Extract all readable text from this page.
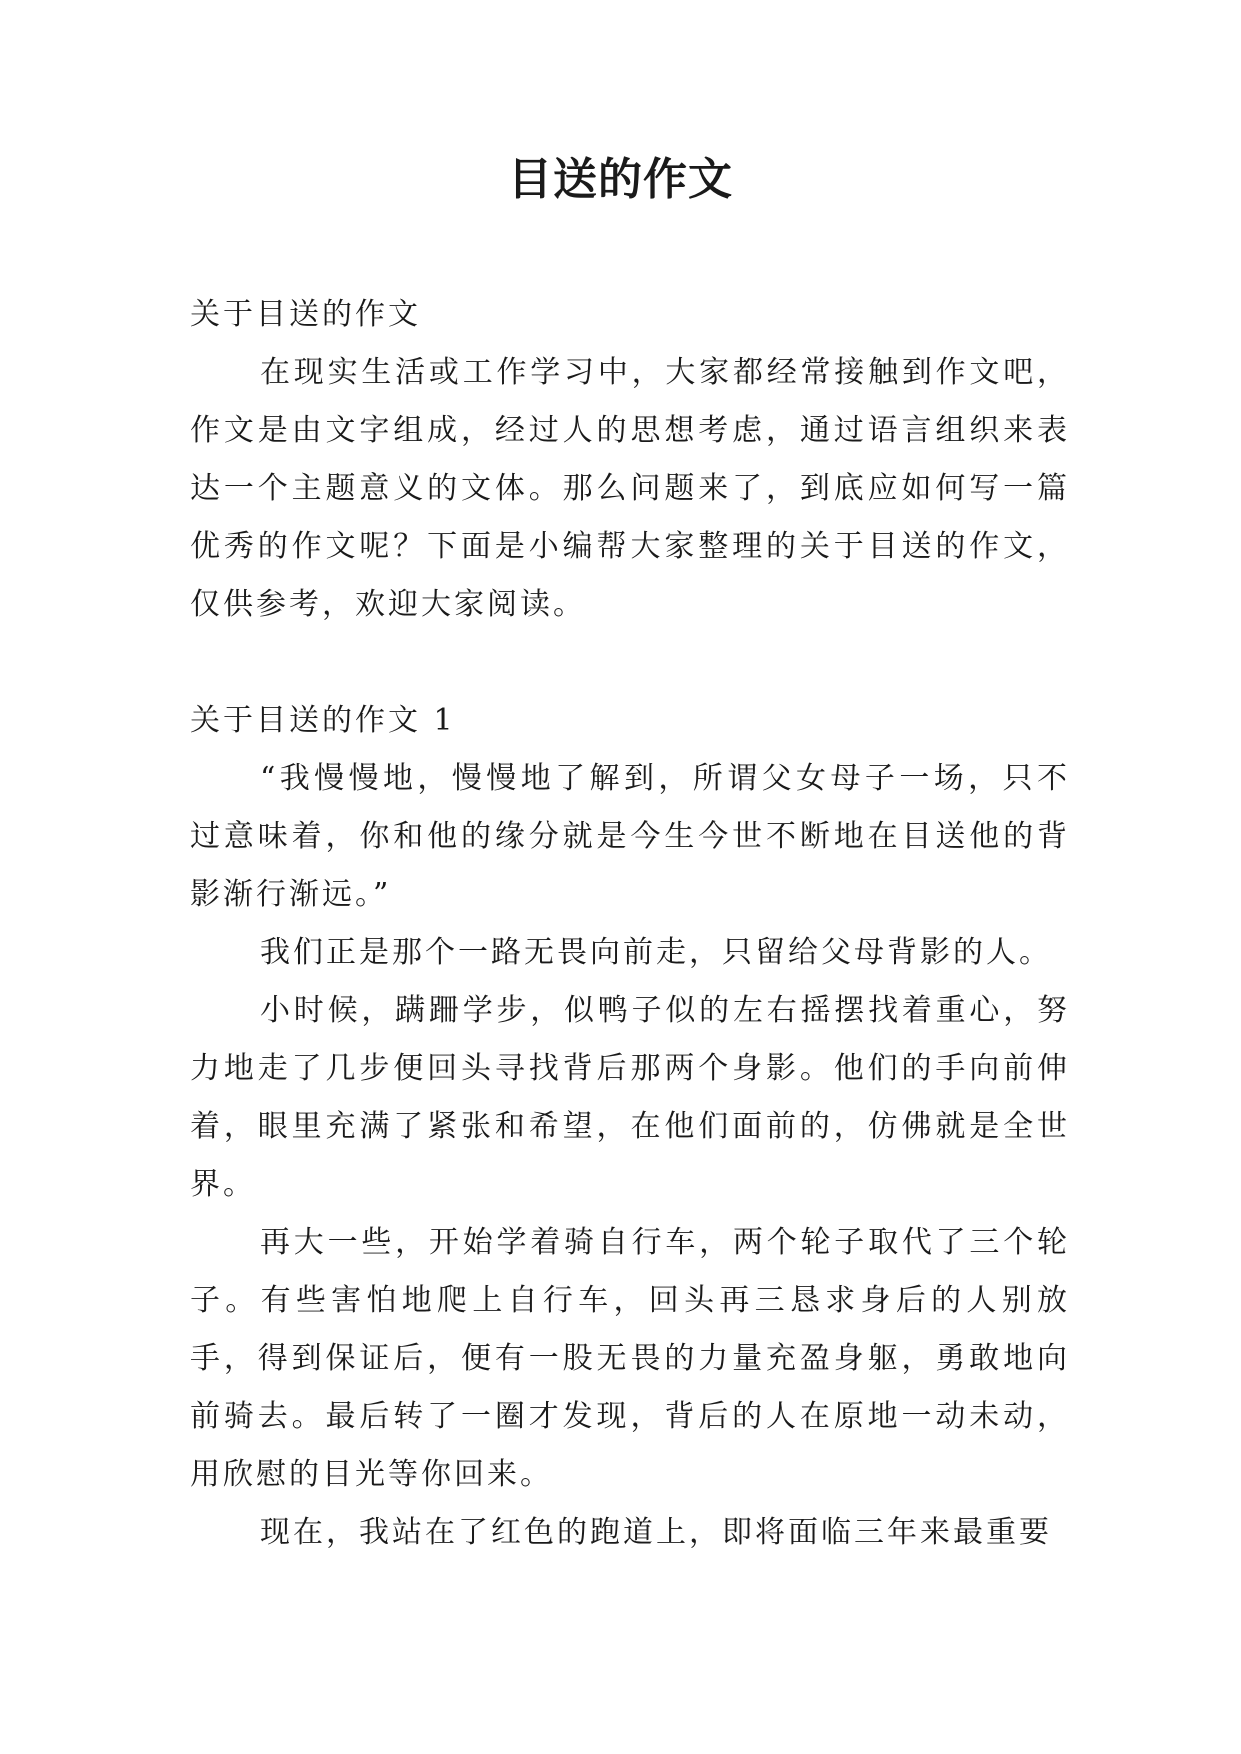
目送的作文

关于目送的作文

在现实生活或工作学习中，大家都经常接触到作文吧，作文是由文字组成，经过人的思想考虑，通过语言组织来表达一个主题意义的文体。那么问题来了，到底应如何写一篇优秀的作文呢？下面是小编帮大家整理的关于目送的作文，仅供参考，欢迎大家阅读。

关于目送的作文 1

“我慢慢地，慢慢地了解到，所谓父女母子一场，只不过意味着，你和他的缘分就是今生今世不断地在目送他的背影渐行渐远。”

我们正是那个一路无畏向前走，只留给父母背影的人。

小时候，蹒跚学步，似鸭子似的左右摇摆找着重心，努力地走了几步便回头寻找背后那两个身影。他们的手向前伸着，眼里充满了紧张和希望，在他们面前的，仿佛就是全世界。

再大一些，开始学着骑自行车，两个轮子取代了三个轮子。有些害怕地爬上自行车，回头再三恳求身后的人别放手，得到保证后，便有一股无畏的力量充盈身躯，勇敢地向前骑去。最后转了一圈才发现，背后的人在原地一动未动，用欣慰的目光等你回来。

现在，我站在了红色的跑道上，即将面临三年来最重要
